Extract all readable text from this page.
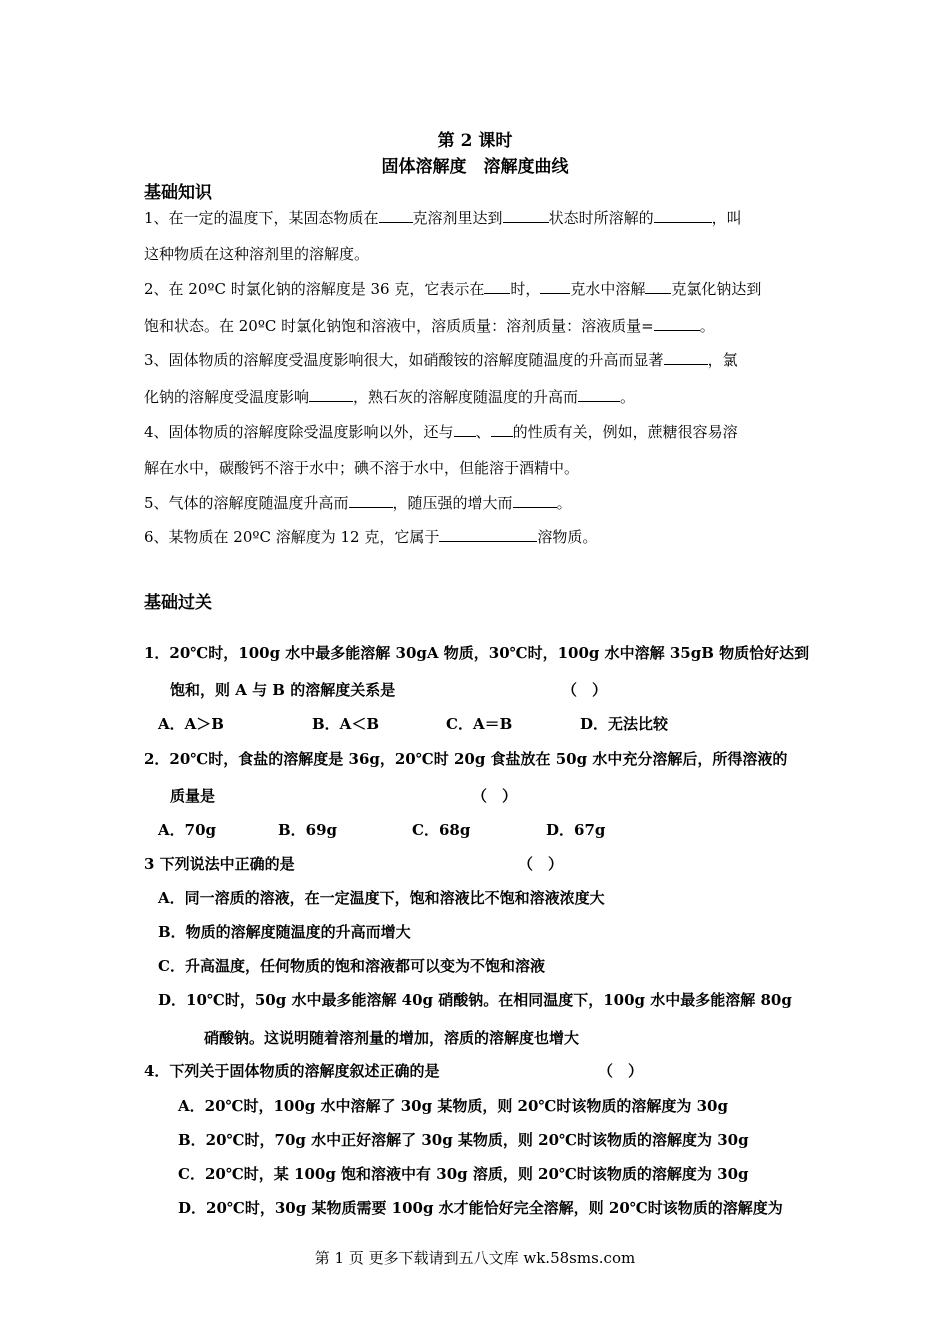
第 2 课时
固体溶解度　溶解度曲线
基础知识
1、在一定的温度下，某固态物质在 克溶剂里达到	状态时所溶解的	，叫
这种物质在这种溶剂里的溶解度。
2、在 20ºC 时氯化钠的溶解度是 36 克，它表示在 时， 克水中溶解 克氯化钠达到
饱和状态。在 20ºC 时氯化钠饱和溶液中，溶质质量：溶剂质量：溶液质量=	。
3、固体物质的溶解度受温度影响很大，如硝酸铵的溶解度随温度的升高而显著	，氯
化钠的溶解度受温度影响	，熟石灰的溶解度随温度的升高而	。
4、固体物质的溶解度除受温度影响以外，还与 、 的性质有关，例如，蔗糖很容易溶
解在水中，碳酸钙不溶于水中；碘不溶于水中，但能溶于酒精中。
5、气体的溶解度随温度升高而	，随压强的增大而	。
6、某物质在 20ºC 溶解度为 12 克，它属于	溶物质。
基础过关
1．20℃时，100g 水中最多能溶解 30gA 物质，30℃时，100g 水中溶解 35gB 物质恰好达到
饱和，则 A 与 B 的溶解度关系是	（　）
A．A＞B	B．A＜B	C．A＝B	D．无法比较
2．20℃时，食盐的溶解度是 36g，20℃时 20g 食盐放在 50g 水中充分溶解后，所得溶液的
质量是	（　）
A．70g	B．69g	C．68g	D．67g
3 下列说法中正确的是	（　）
A．同一溶质的溶液，在一定温度下，饱和溶液比不饱和溶液浓度大
B．物质的溶解度随温度的升高而增大
C．升高温度，任何物质的饱和溶液都可以变为不饱和溶液
D．10℃时，50g 水中最多能溶解 40g 硝酸钠。在相同温度下，100g 水中最多能溶解 80g
硝酸钠。这说明随着溶剂量的增加，溶质的溶解度也增大
4．下列关于固体物质的溶解度叙述正确的是	（　）
A．20℃时，100g 水中溶解了 30g 某物质，则 20℃时该物质的溶解度为 30g
B．20℃时，70g 水中正好溶解了 30g 某物质，则 20℃时该物质的溶解度为 30g
C．20℃时，某 100g 饱和溶液中有 30g 溶质，则 20℃时该物质的溶解度为 30g
D．20℃时，30g 某物质需要 100g 水才能恰好完全溶解，则 20℃时该物质的溶解度为
第 1 页 更多下载请到五八文库 wk.58sms.com
